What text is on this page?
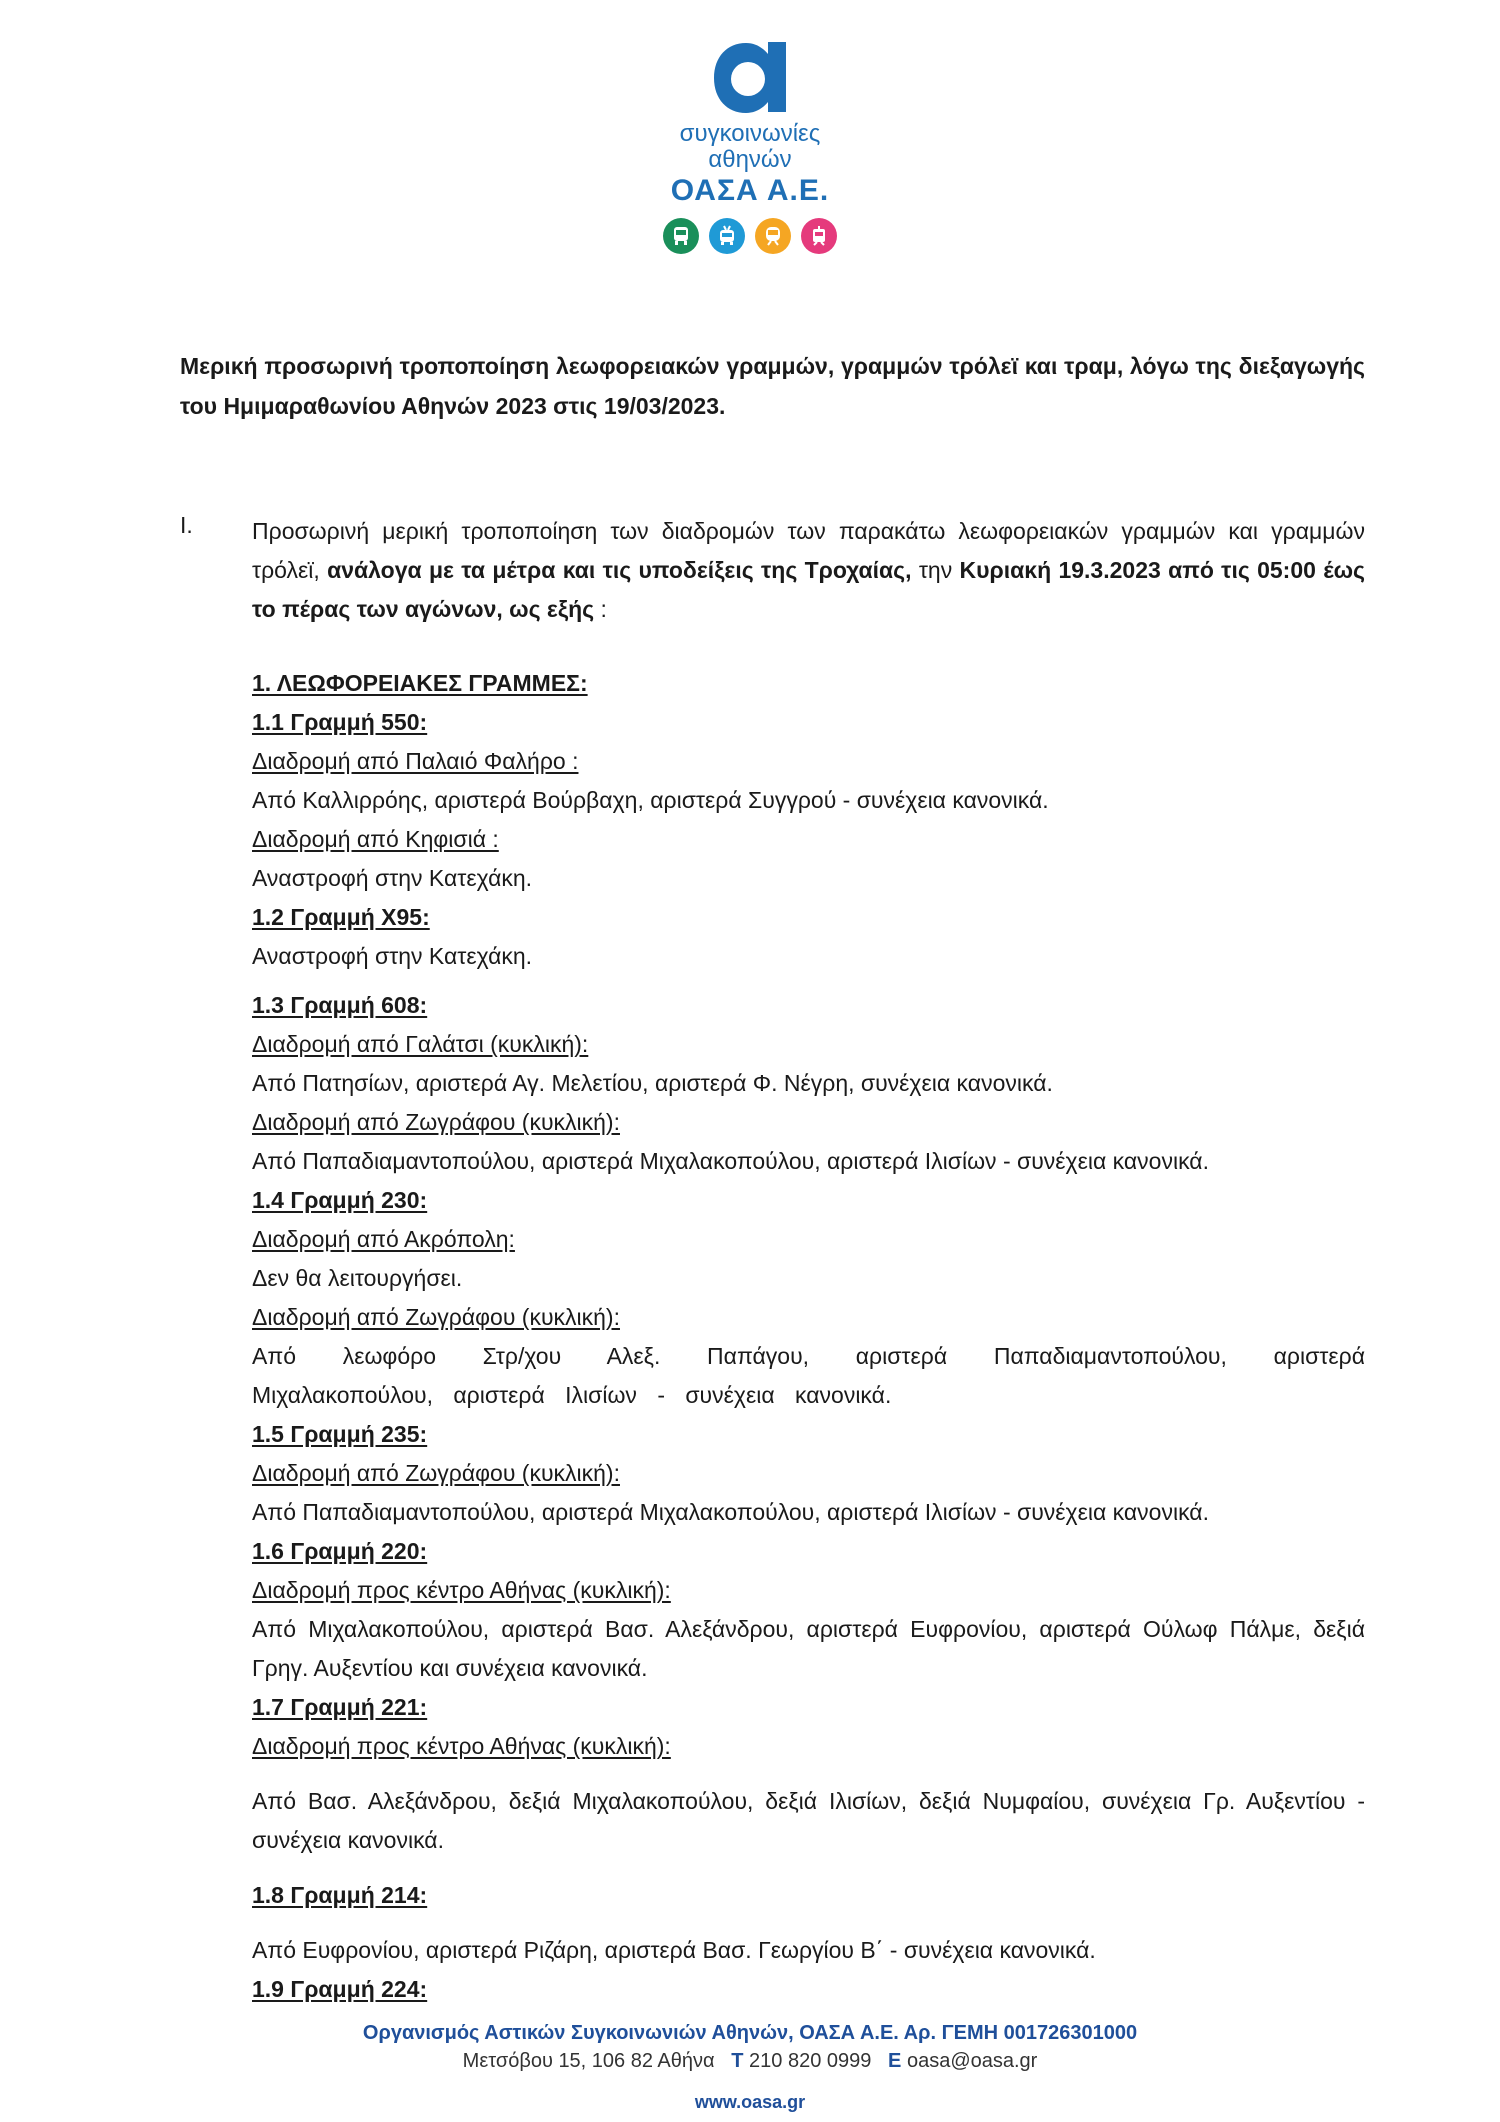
συγκοινωνίες
αθηνών
ΟΑΣΑ Α.Ε.
Μερική προσωρινή τροποποίηση λεωφορειακών γραμμών, γραμμών τρόλεϊ και τραμ, λόγω της διεξαγωγής του Ημιμαραθωνίου Αθηνών 2023 στις 19/03/2023.
I.	Προσωρινή μερική τροποποίηση των διαδρομών των παρακάτω λεωφορειακών γραμμών και γραμμών τρόλεϊ, ανάλογα με τα μέτρα και τις υποδείξεις της Τροχαίας, την Κυριακή 19.3.2023 από τις 05:00 έως το πέρας των αγώνων, ως εξής :
1. ΛΕΩΦΟΡΕΙΑΚΕΣ ΓΡΑΜΜΕΣ:
1.1 Γραμμή 550:
Διαδρομή από Παλαιό Φαλήρο :
Από Καλλιρρόης, αριστερά Βούρβαχη, αριστερά Συγγρού - συνέχεια κανονικά.
Διαδρομή από Κηφισιά :
Αναστροφή στην Κατεχάκη.
1.2 Γραμμή Χ95:
Αναστροφή στην Κατεχάκη.
1.3 Γραμμή 608:
Διαδρομή από Γαλάτσι (κυκλική):
Από Πατησίων, αριστερά Αγ. Μελετίου, αριστερά Φ. Νέγρη, συνέχεια κανονικά.
Διαδρομή από Ζωγράφου (κυκλική):
Από Παπαδιαμαντοπούλου, αριστερά Μιχαλακοπούλου, αριστερά Ιλισίων - συνέχεια κανονικά.
1.4 Γραμμή 230:
Διαδρομή από Ακρόπολη:
Δεν θα λειτουργήσει.
Διαδρομή από Ζωγράφου (κυκλική):
Από λεωφόρο Στρ/χου Αλεξ. Παπάγου, αριστερά Παπαδιαμαντοπούλου, αριστερά Μιχαλακοπούλου, αριστερά Ιλισίων - συνέχεια κανονικά.
1.5 Γραμμή 235:
Διαδρομή από Ζωγράφου (κυκλική):
Από Παπαδιαμαντοπούλου, αριστερά Μιχαλακοπούλου, αριστερά Ιλισίων - συνέχεια κανονικά.
1.6 Γραμμή 220:
Διαδρομή προς κέντρο Αθήνας (κυκλική):
Από Μιχαλακοπούλου, αριστερά Βασ. Αλεξάνδρου, αριστερά Ευφρονίου, αριστερά Ούλωφ Πάλμε, δεξιά Γρηγ. Αυξεντίου και συνέχεια κανονικά.
1.7 Γραμμή 221:
Διαδρομή προς κέντρο Αθήνας (κυκλική):
Από Βασ. Αλεξάνδρου, δεξιά Μιχαλακοπούλου, δεξιά Ιλισίων, δεξιά Νυμφαίου, συνέχεια Γρ. Αυξεντίου - συνέχεια κανονικά.
1.8 Γραμμή 214:
Από Ευφρονίου, αριστερά Ριζάρη, αριστερά Βασ. Γεωργίου Β΄ - συνέχεια κανονικά.
1.9 Γραμμή 224:
Οργανισμός Αστικών Συγκοινωνιών Αθηνών, ΟΑΣΑ Α.Ε. Αρ. ΓΕΜΗ 001726301000
Μετσόβου 15, 106 82 Αθήνα Τ 210 820 0999 Ε oasa@oasa.gr
www.oasa.gr
